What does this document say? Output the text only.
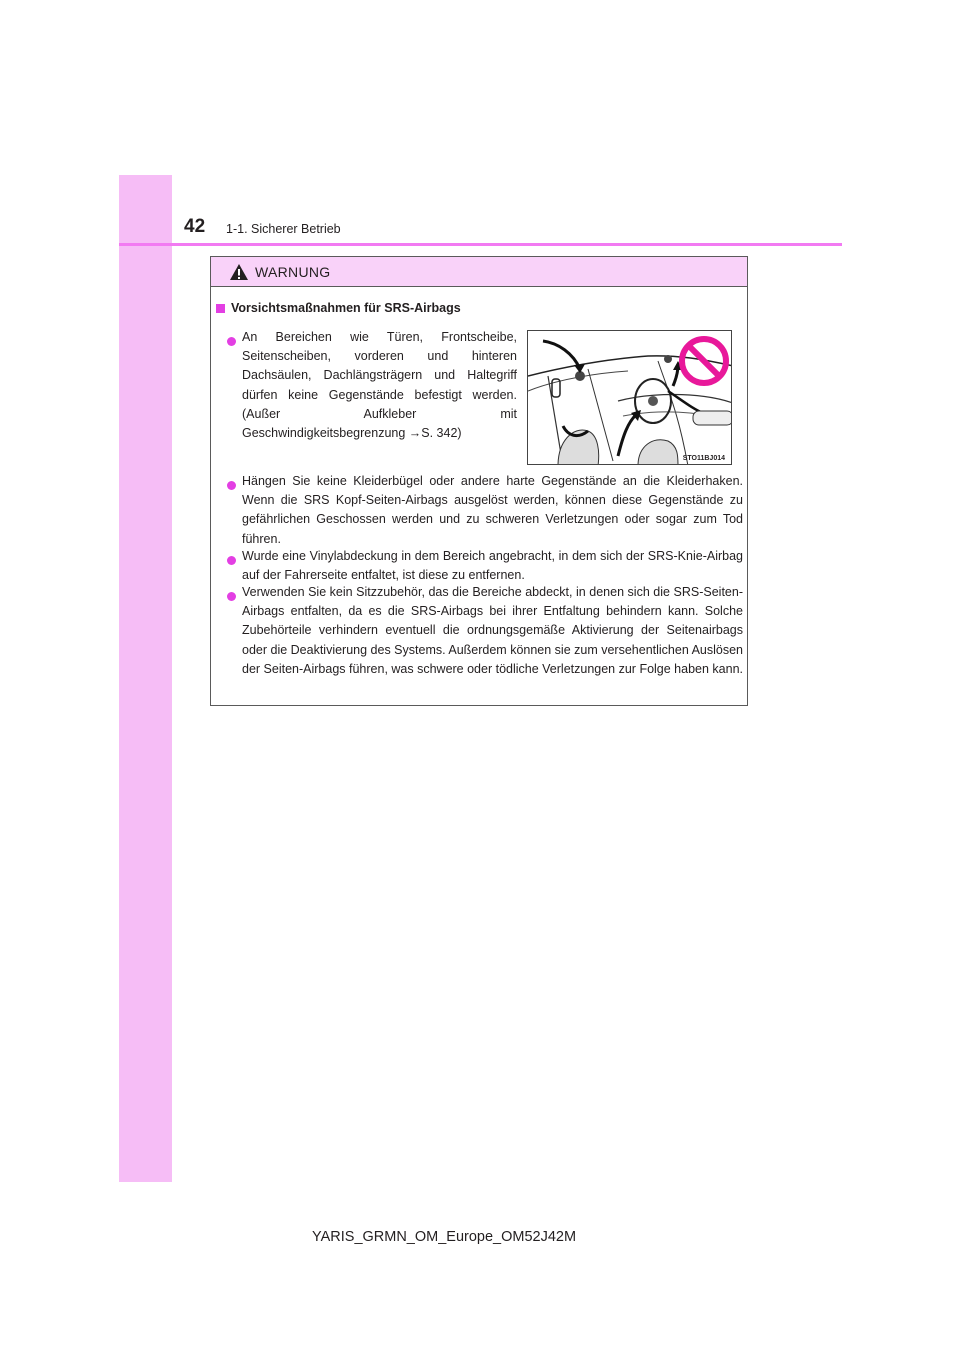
42 1-1. Sicherer Betrieb
WARNUNG
Vorsichtsmaßnahmen für SRS-Airbags
An Bereichen wie Türen, Frontscheibe, Seitenscheiben, vorderen und hinteren Dachsäulen, Dachlängsträgern und Haltegriff dürfen keine Gegenstände befestigt werden. (Außer Aufkleber mit Geschwindigkeitsbegrenzung →S. 342)
STO11BJ014
Hängen Sie keine Kleiderbügel oder andere harte Gegenstände an die Kleiderhaken. Wenn die SRS Kopf-Seiten-Airbags ausgelöst werden, können diese Gegenstände zu gefährlichen Geschossen werden und zu schweren Verletzungen oder sogar zum Tod führen.
Wurde eine Vinylabdeckung in dem Bereich angebracht, in dem sich der SRS-Knie-Airbag auf der Fahrerseite entfaltet, ist diese zu entfernen.
Verwenden Sie kein Sitzzubehör, das die Bereiche abdeckt, in denen sich die SRS-Seiten-Airbags entfalten, da es die SRS-Airbags bei ihrer Entfaltung behindern kann. Solche Zubehörteile verhindern eventuell die ordnungsgemäße Aktivierung der Seitenairbags oder die Deaktivierung des Systems. Außerdem können sie zum versehentlichen Auslösen der Seiten-Airbags führen, was schwere oder tödliche Verletzungen zur Folge haben kann.
YARIS_GRMN_OM_Europe_OM52J42M
